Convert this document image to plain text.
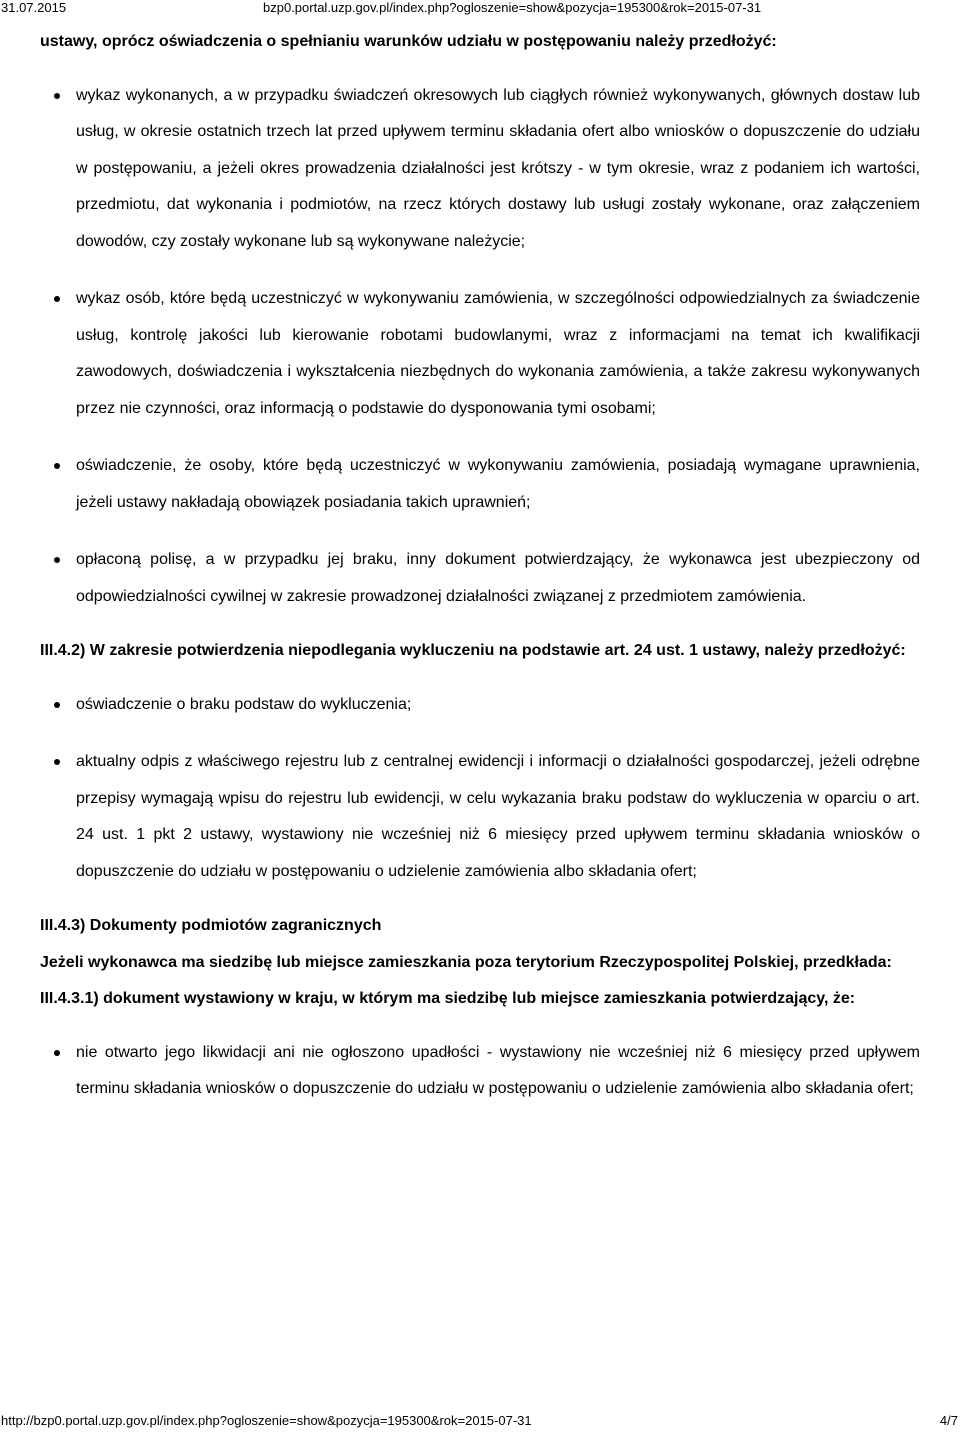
31.07.2015	bzp0.portal.uzp.gov.pl/index.php?ogloszenie=show&pozycja=195300&rok=2015-07-31

ustawy, oprócz oświadczenia o spełnianiu warunków udziału w postępowaniu należy przedłożyć:

wykaz wykonanych, a w przypadku świadczeń okresowych lub ciągłych również wykonywanych, głównych dostaw lub usług, w okresie ostatnich trzech lat przed upływem terminu składania ofert albo wniosków o dopuszczenie do udziału w postępowaniu, a jeżeli okres prowadzenia działalności jest krótszy - w tym okresie, wraz z podaniem ich wartości, przedmiotu, dat wykonania i podmiotów, na rzecz których dostawy lub usługi zostały wykonane, oraz załączeniem dowodów, czy zostały wykonane lub są wykonywane należycie;
wykaz osób, które będą uczestniczyć w wykonywaniu zamówienia, w szczególności odpowiedzialnych za świadczenie usług, kontrolę jakości lub kierowanie robotami budowlanymi, wraz z informacjami na temat ich kwalifikacji zawodowych, doświadczenia i wykształcenia niezbędnych do wykonania zamówienia, a także zakresu wykonywanych przez nie czynności, oraz informacją o podstawie do dysponowania tymi osobami;
oświadczenie, że osoby, które będą uczestniczyć w wykonywaniu zamówienia, posiadają wymagane uprawnienia, jeżeli ustawy nakładają obowiązek posiadania takich uprawnień;
opłaconą polisę, a w przypadku jej braku, inny dokument potwierdzający, że wykonawca jest ubezpieczony od odpowiedzialności cywilnej w zakresie prowadzonej działalności związanej z przedmiotem zamówienia.

III.4.2) W zakresie potwierdzenia niepodlegania wykluczeniu na podstawie art. 24 ust. 1 ustawy, należy przedłożyć:

oświadczenie o braku podstaw do wykluczenia;
aktualny odpis z właściwego rejestru lub z centralnej ewidencji i informacji o działalności gospodarczej, jeżeli odrębne przepisy wymagają wpisu do rejestru lub ewidencji, w celu wykazania braku podstaw do wykluczenia w oparciu o art. 24 ust. 1 pkt 2 ustawy, wystawiony nie wcześniej niż 6 miesięcy przed upływem terminu składania wniosków o dopuszczenie do udziału w postępowaniu o udzielenie zamówienia albo składania ofert;

III.4.3) Dokumenty podmiotów zagranicznych

Jeżeli wykonawca ma siedzibę lub miejsce zamieszkania poza terytorium Rzeczypospolitej Polskiej, przedkłada:

III.4.3.1) dokument wystawiony w kraju, w którym ma siedzibę lub miejsce zamieszkania potwierdzający, że:

nie otwarto jego likwidacji ani nie ogłoszono upadłości - wystawiony nie wcześniej niż 6 miesięcy przed upływem terminu składania wniosków o dopuszczenie do udziału w postępowaniu o udzielenie zamówienia albo składania ofert;
http://bzp0.portal.uzp.gov.pl/index.php?ogloszenie=show&pozycja=195300&rok=2015-07-31	4/7
